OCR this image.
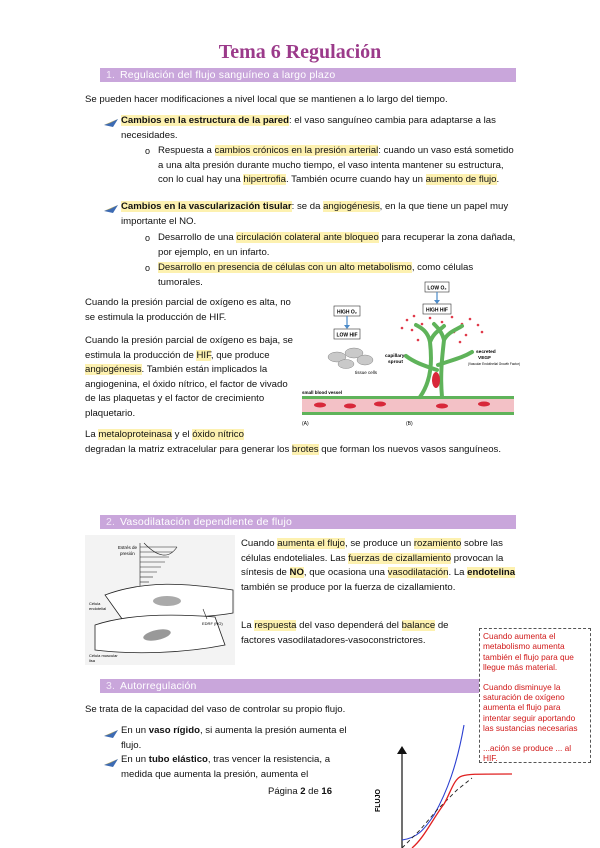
Tema 6 Regulación
1. Regulación del flujo sanguíneo a largo plazo

Se pueden hacer modificaciones a nivel local que se mantienen a lo largo del tiempo.

Cambios en la estructura de la pared: el vaso sanguíneo cambia para adaptarse a las necesidades.

o Respuesta a cambios crónicos en la presión arterial: cuando un vaso está sometido a una alta presión durante mucho tiempo, el vaso intenta mantener su estructura, con lo cual hay una hipertrofia. También ocurre cuando hay un aumento de flujo.

Cambios en la vascularización tisular: se da angiogénesis, en la que tiene un papel muy importante el NO.

o Desarrollo de una circulación colateral ante bloqueo para recuperar la zona dañada, por ejemplo, en un infarto.

o Desarrollo en presencia de células con un alto metabolismo, como células tumorales.

Cuando la presión parcial de oxígeno es alta, no se estimula la producción de HIF.

Cuando la presión parcial de oxígeno es baja, se estimula la producción de HIF, que produce angiogénesis. También están implicados la angiogenina, el óxido nítrico, el factor de vivado de las plaquetas y el factor de crecimiento plaquetario.

La metaloproteinasa y el óxido nítrico
degradan la matriz extracelular para generar los brotes que forman los nuevos vasos sanguíneos.

HIGH O₂
LOW HIF
tissue cells
small blood vessel
(A)
LOW O₂
HIGH HIF
capillary
sprout
secreted
VEGF
(Vascular Endothelial Growth Factor)
(B)
2. Vasodilatación dependiente de flujo
Estrés de
presión
Célula
endotelial
EDRF (NO)
Célula muscular
lisa

Cuando aumenta el flujo, se produce un rozamiento sobre las células endoteliales. Las fuerzas de cizallamiento provocan la síntesis de NO, que ocasiona una vasodilatación. La endotelina también se produce por la fuerza de cizallamiento.

La respuesta del vaso dependerá del balance de factores vasodilatadores-vasoconstrictores.

3. Autorregulación

Se trata de la capacidad del vaso de controlar su propio flujo.

En un vaso rígido, si aumenta la presión aumenta el flujo.

En un tubo elástico, tras vencer la resistencia, a medida que aumenta la presión, aumenta el

FLUJO

Cuando aumenta el metabolismo aumenta también el flujo para que llegue más material.

Cuando disminuye la saturación de oxígeno aumenta el flujo para intentar seguir aportando las sustancias necesarias

...ación se produce ... al HIF.

Página 2 de 16
